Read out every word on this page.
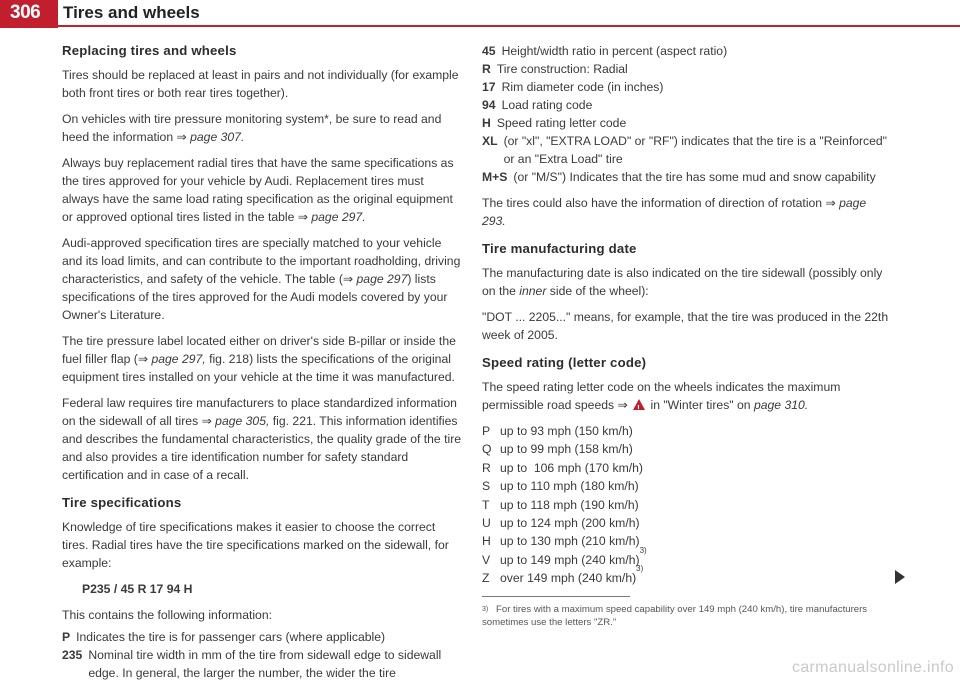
306 Tires and wheels
Replacing tires and wheels

Tires should be replaced at least in pairs and not individually (for example both front tires or both rear tires together).

On vehicles with tire pressure monitoring system*, be sure to read and heed the information ⇒ page 307.

Always buy replacement radial tires that have the same specifications as the tires approved for your vehicle by Audi. Replacement tires must always have the same load rating specification as the original equipment or approved optional tires listed in the table ⇒ page 297.

Audi-approved specification tires are specially matched to your vehicle and its load limits, and can contribute to the important roadholding, driving characteristics, and safety of the vehicle. The table (⇒ page 297) lists specifications of the tires approved for the Audi models covered by your Owner's Literature.

The tire pressure label located either on driver's side B-pillar or inside the fuel filler flap (⇒ page 297, fig. 218) lists the specifications of the original equipment tires installed on your vehicle at the time it was manufactured.

Federal law requires tire manufacturers to place standardized information on the sidewall of all tires ⇒ page 305, fig. 221. This information identifies and describes the fundamental characteristics, the quality grade of the tire and also provides a tire identification number for safety standard certification and in case of a recall.

Tire specifications

Knowledge of tire specifications makes it easier to choose the correct tires. Radial tires have the tire specifications marked on the sidewall, for example:

P235 / 45 R 17 94 H

This contains the following information:

P Indicates the tire is for passenger cars (where applicable)
235 Nominal tire width in mm of the tire from sidewall edge to sidewall edge. In general, the larger the number, the wider the tire
45 Height/width ratio in percent (aspect ratio)
R Tire construction: Radial
17 Rim diameter code (in inches)
94 Load rating code
H Speed rating letter code
XL (or "xl", "EXTRA LOAD" or "RF") indicates that the tire is a "Reinforced" or an "Extra Load" tire
M+S (or "M/S") Indicates that the tire has some mud and snow capability

The tires could also have the information of direction of rotation ⇒ page 293.

Tire manufacturing date

The manufacturing date is also indicated on the tire sidewall (possibly only on the inner side of the wheel):

"DOT ... 2205..." means, for example, that the tire was produced in the 22th week of 2005.

Speed rating (letter code)

The speed rating letter code on the wheels indicates the maximum permissible road speeds ⇒ ! in "Winter tires" on page 310.

P up to 93 mph (150 km/h)
Q up to 99 mph (158 km/h)
R up to  106 mph (170 km/h)
S up to 110 mph (180 km/h)
T up to 118 mph (190 km/h)
U up to 124 mph (200 km/h)
H up to 130 mph (210 km/h)
V up to 149 mph (240 km/h)
3)
Z over 149 mph (240 km/h)
3)
3) For tires with a maximum speed capability over 149 mph (240 km/h), tire manufacturers sometimes use the letters "ZR."
carmanualsonline.info
